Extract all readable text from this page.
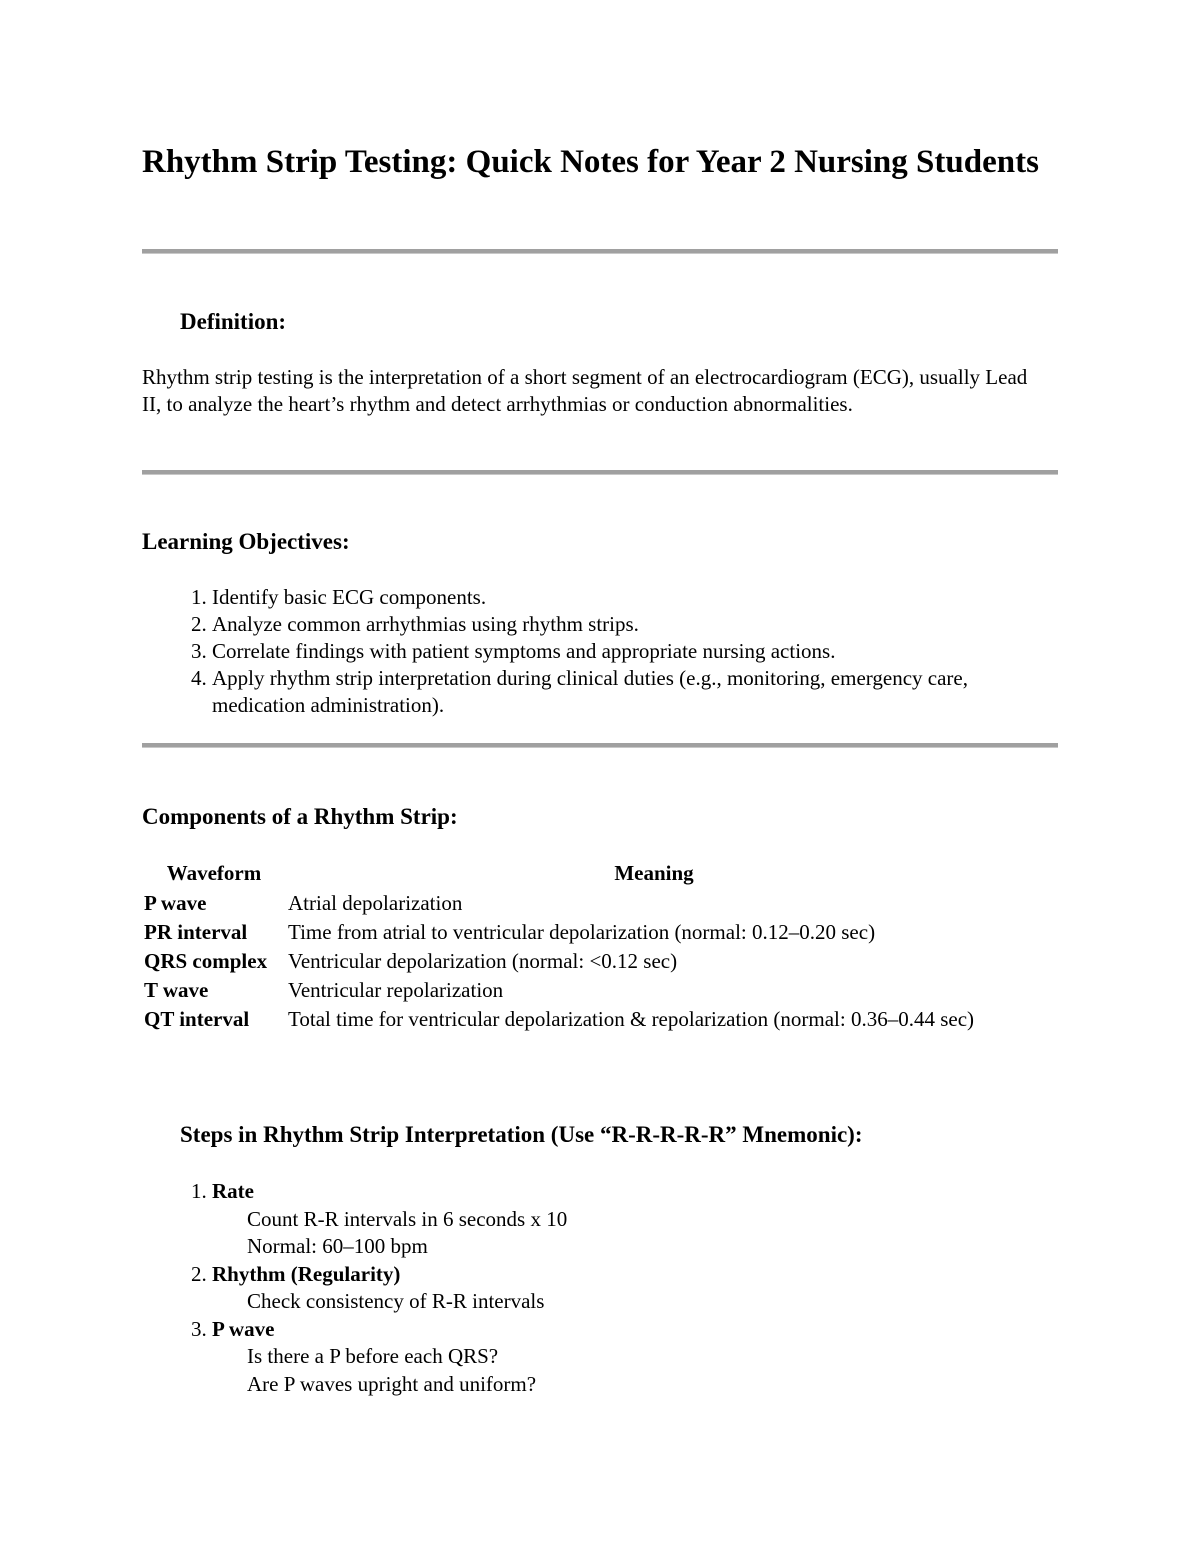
Rhythm Strip Testing: Quick Notes for Year 2 Nursing Students
Definition:

Rhythm strip testing is the interpretation of a short segment of an electrocardiogram (ECG), usually Lead II, to analyze the heart’s rhythm and detect arrhythmias or conduction abnormalities.

Learning Objectives:
1. Identify basic ECG components.
2. Analyze common arrhythmias using rhythm strips.
3. Correlate findings with patient symptoms and appropriate nursing actions.
4. Apply rhythm strip interpretation during clinical duties (e.g., monitoring, emergency care, medication administration).
Components of a Rhythm Strip:
Waveform	Meaning
P wave	Atrial depolarization
PR interval	Time from atrial to ventricular depolarization (normal: 0.12–0.20 sec)
QRS complex	Ventricular depolarization (normal: <0.12 sec)
T wave	Ventricular repolarization
QT interval	Total time for ventricular depolarization & repolarization (normal: 0.36–0.44 sec)
Steps in Rhythm Strip Interpretation (Use “R-R-R-R-R” Mnemonic):
1. Rate
Count R-R intervals in 6 seconds x 10
Normal: 60–100 bpm
2. Rhythm (Regularity)
Check consistency of R-R intervals
3. P wave
Is there a P before each QRS?
Are P waves upright and uniform?
